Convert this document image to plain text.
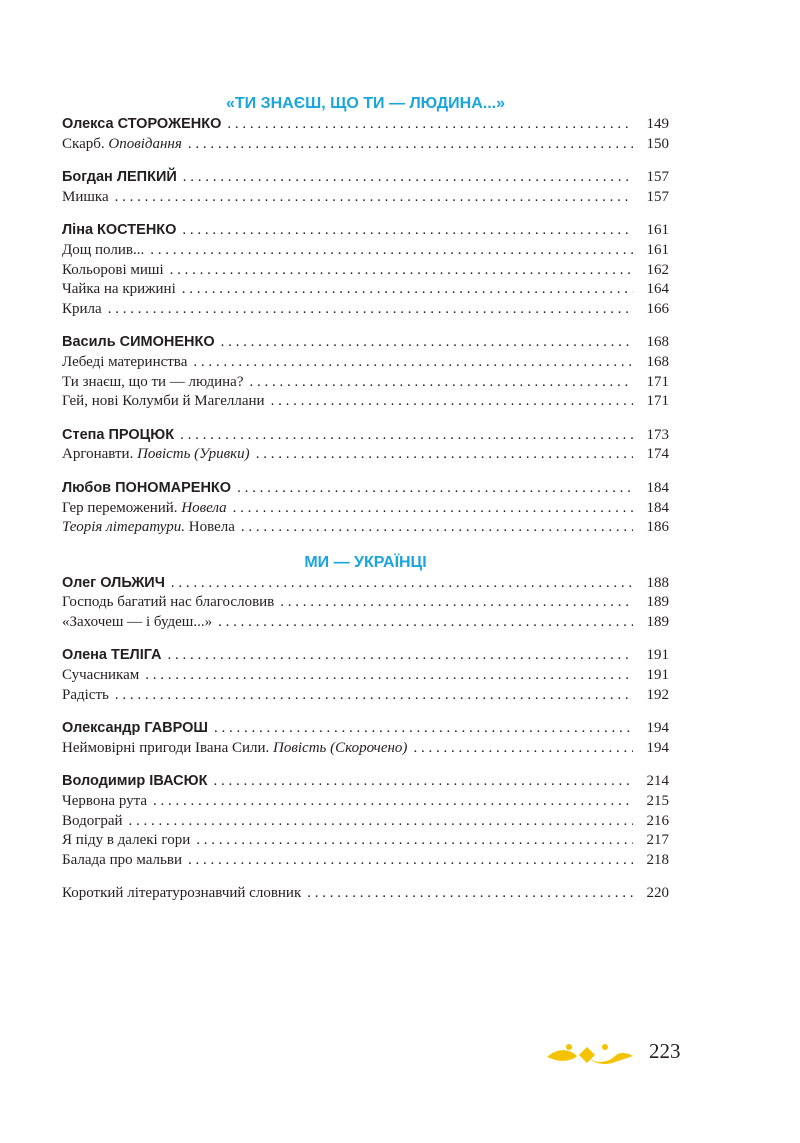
«ТИ ЗНАЄШ, ЩО ТИ — ЛЮДИНА...»
Олекса СТОРОЖЕНКО . . .	149
Скарб. Оповідання . . .	150
Богдан ЛЕПКИЙ . . .	157
Мишка . . .	157
Ліна КОСТЕНКО . . .	161
Дощ полив... . . .	161
Кольорові миші . . .	162
Чайка на крижині . . .	164
Крила . . .	166
Василь СИМОНЕНКО . . .	168
Лебеді материнства . . .	168
Ти знаєш, що ти — людина? . . .	171
Гей, нові Колумби й Магеллани . . .	171
Степа ПРОЦЮК . . .	173
Аргонавти. Повість (Уривки) . . .	174
Любов ПОНОМАРЕНКО . . .	184
Гер переможений. Новела . . .	184
Теорія літератури. Новела . . .	186
МИ — УКРАЇНЦІ
Олег ОЛЬЖИЧ . . .	188
Господь багатий нас благословив . . .	189
«Захочеш — і будеш...» . . .	189
Олена ТЕЛІГА . . .	191
Сучасникам . . .	191
Радість . . .	192
Олександр ГАВРОШ . . .	194
Неймовірні пригоди Івана Сили. Повість (Скорочено) . . .	194
Володимир ІВАСЮК . . .	214
Червона рута . . .	215
Водограй . . .	216
Я піду в далекі гори . . .	217
Балада про мальви . . .	218
Короткий літературознавчий словник . . .	220
223
